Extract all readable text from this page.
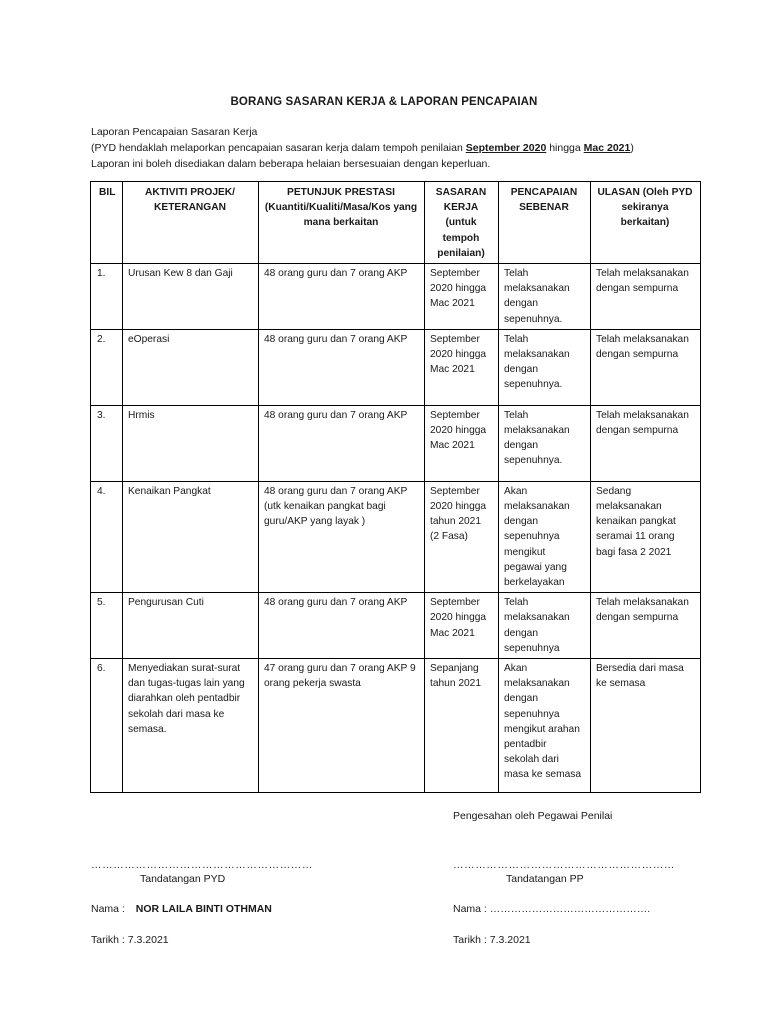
BORANG SASARAN KERJA & LAPORAN PENCAPAIAN
Laporan Pencapaian Sasaran Kerja
(PYD hendaklah melaporkan pencapaian sasaran kerja dalam tempoh penilaian September 2020 hingga Mac 2021)
Laporan ini boleh disediakan dalam beberapa helaian bersesuaian dengan keperluan.
BIL	AKTIVITI PROJEK/ KETERANGAN	PETUNJUK PRESTASI (Kuantiti/Kualiti/Masa/Kos yang mana berkaitan	SASARAN KERJA (untuk tempoh penilaian)	PENCAPAIAN SEBENAR	ULASAN (Oleh PYD sekiranya berkaitan)
1.	Urusan Kew 8 dan Gaji	48 orang guru dan 7 orang AKP	September 2020 hingga Mac 2021	Telah melaksanakan dengan sepenuhnya.	Telah melaksanakan dengan sempurna
2.	eOperasi	48 orang guru dan 7 orang AKP	September 2020 hingga Mac 2021	Telah melaksanakan dengan sepenuhnya.	Telah melaksanakan dengan sempurna
3.	Hrmis	48 orang guru dan 7 orang AKP	September 2020 hingga Mac 2021	Telah melaksanakan dengan sepenuhnya.	Telah melaksanakan dengan sempurna
4.	Kenaikan Pangkat	48 orang guru dan 7 orang AKP (utk kenaikan pangkat bagi guru/AKP yang layak )	September 2020 hingga tahun 2021 (2 Fasa)	Akan melaksanakan dengan sepenuhnya mengikut pegawai yang berkelayakan	Sedang melaksanakan kenaikan pangkat seramai 11 orang bagi fasa 2 2021
5.	Pengurusan Cuti	48 orang guru dan 7 orang AKP	September 2020 hingga Mac 2021	Telah melaksanakan dengan sepenuhnya	Telah melaksanakan dengan sempurna
6.	Menyediakan surat-surat dan tugas-tugas lain yang diarahkan oleh pentadbir sekolah dari masa ke semasa.	47 orang guru dan 7 orang AKP 9 orang pekerja swasta	Sepanjang tahun 2021	Akan melaksanakan dengan sepenuhnya mengikut arahan pentadbir sekolah dari masa ke semasa	Bersedia dari masa ke semasa
Pengesahan oleh Pegawai Penilai
……………………………………………………	……………………………………………………
Tandatangan PYD	Tandatangan PP
Nama : NOR LAILA BINTI OTHMAN	Nama : ……………………………………….
Tarikh : 7.3.2021	Tarikh : 7.3.2021
